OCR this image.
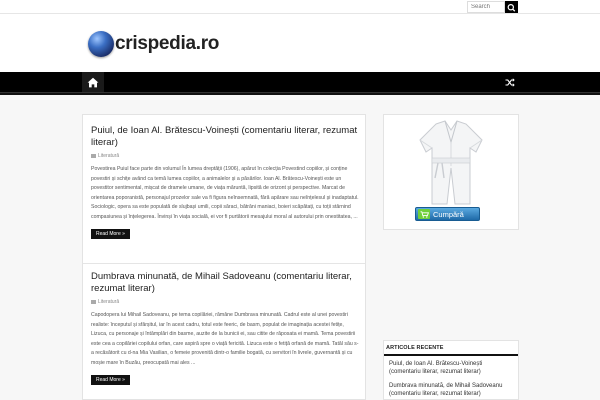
Search
crispedia.ro
Puiul, de Ioan Al. Brătescu-Voinești (comentariu literar, rezumat literar)
Literatură
Povestirea Puiul face parte din volumul În lumea dreptății (1906), apărut în colecția Povestind copiilor, și conține povestiri și schițe având ca temă lumea copiilor, a animalelor și a păsărilor. Ioan Al. Brătescu-Voinești este un povestitor sentimental, mișcat de dramele umane, de viața măruntă, lipsită de orizont și perspective. Marcat de orientarea poporanistă, personajul prozelor sale va fi figura neînsemnată, fără apărare sau neînțelesul și inadaptatul. Sociologic, opera sa este populată de slujbași umili, copii săraci, bătrâni maniaci, boieri scăpătați, cu toții stârnind compasiunea și înțelegerea. Învinși în viața socială, ei vor fi purtătorii mesajului moral al autorului prin onestitatea, ...
Read More »
Dumbrava minunată, de Mihail Sadoveanu (comentariu literar, rezumat literar)
Literatură
Capodopera lui Mihail Sadoveanu, pe tema copilăriei, rămâne Dumbrava minunată. Cadrul este al unei povestiri realiste: începutul și sfârșitul, iar în acest cadru, totul este feeric, de basm, populat de imaginația acestei fetițe, Lizuca, cu personaje și întâmplări din basme, auzite de la bunicii ei, sau citite de răposata ei mamă. Tema povestirii este cea a copilăriei copilului orfan, care aspiră spre o viață fericită. Lizuca este o fetiță orfană de mamă. Tatăl său s-a recăsătorit cu d-na Mia Vasilian, o femeie provenită dintr-o familie bogată, cu servitori în livrele, guvernantă și cu moșie mare în Buzău, preocupată mai ales ...
Read More »
Cumpără
ARTICOLE RECENTE
Puiul, de Ioan Al. Brătescu-Voinești (comentariu literar, rezumat literar)
Dumbrava minunată, de Mihail Sadoveanu (comentariu literar, rezumat literar)
